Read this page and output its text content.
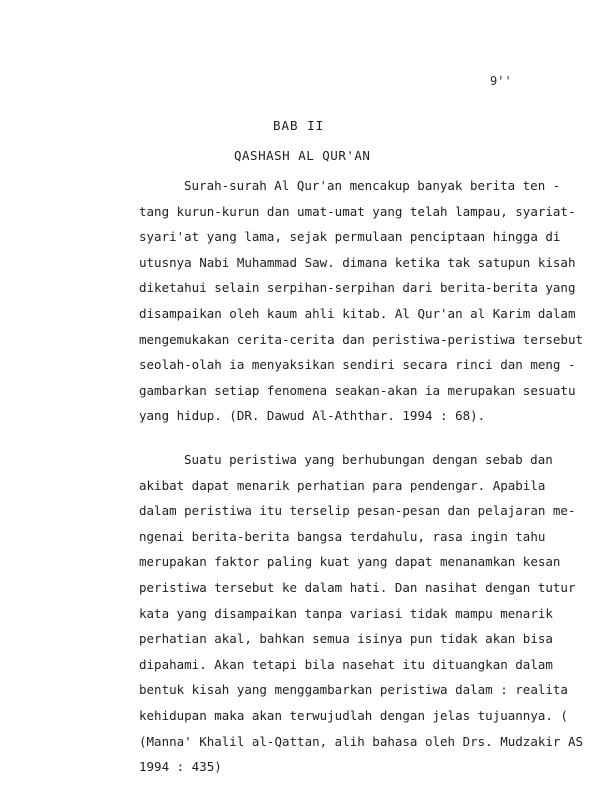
9''
BAB II
QASHASH AL QUR'AN
Surah-surah Al Qur'an mencakup banyak berita ten -
tang kurun-kurun dan umat-umat yang telah lampau, syariat-
syari'at yang lama, sejak permulaan penciptaan hingga di
utusnya Nabi Muhammad Saw. dimana ketika tak satupun kisah
diketahui selain serpihan-serpihan dari berita-berita yang
disampaikan oleh kaum ahli kitab. Al Qur'an al Karim dalam
mengemukakan cerita-cerita dan peristiwa-peristiwa tersebut
seolah-olah ia menyaksikan sendiri secara rinci dan meng -
gambarkan setiap fenomena seakan-akan ia merupakan sesuatu
yang hidup. (DR. Dawud Al-Aththar. 1994 : 68).
Suatu peristiwa yang berhubungan dengan sebab dan
akibat dapat menarik perhatian para pendengar. Apabila
dalam peristiwa itu terselip pesan-pesan dan pelajaran me-
ngenai berita-berita bangsa terdahulu, rasa ingin tahu
merupakan faktor paling kuat yang dapat menanamkan kesan
peristiwa tersebut ke dalam hati. Dan nasihat dengan tutur
kata yang disampaikan tanpa variasi tidak mampu menarik
perhatian akal, bahkan semua isinya pun tidak akan bisa
dipahami. Akan tetapi bila nasehat itu dituangkan dalam
bentuk kisah yang menggambarkan peristiwa dalam : realita
kehidupan maka akan terwujudlah dengan jelas tujuannya. (
(Manna' Khalil al-Qattan, alih bahasa oleh Drs. Mudzakir AS
1994 : 435)
